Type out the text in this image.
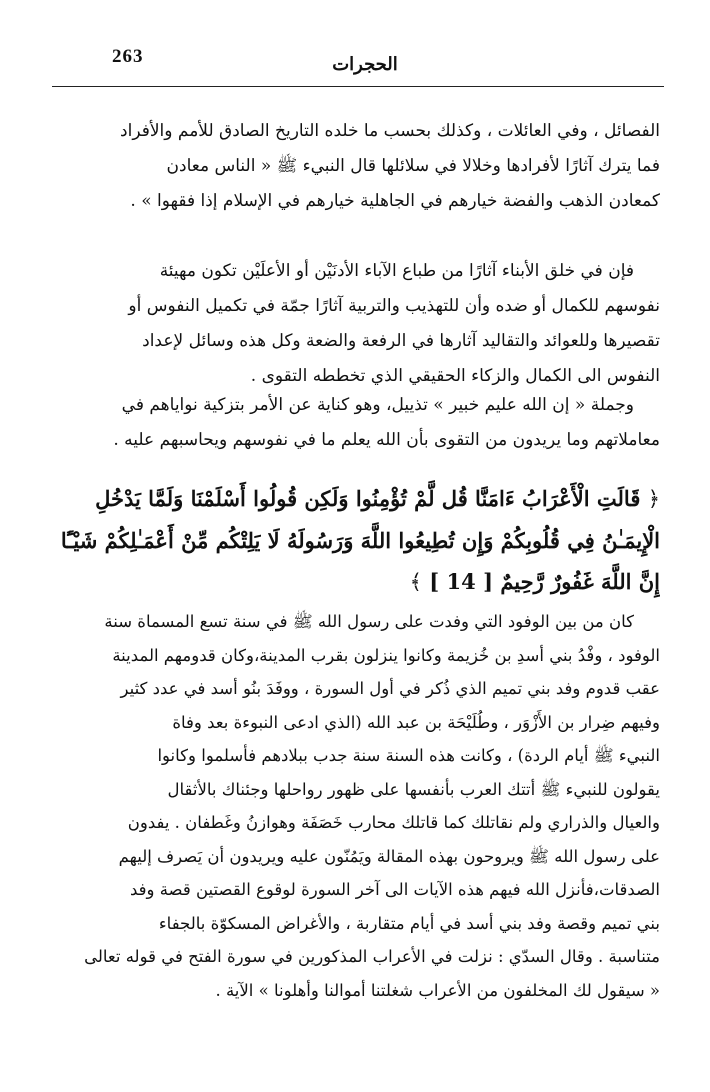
263	الحجرات
الفصائل ، وفي العائلات ، وكذلك بحسب ما خلده التاريخ الصادق للأمم والأفراد
فما يترك آثارًا لأفرادها وخلالا في سلائلها قال النبيء ﷺ « الناس معادن
كمعادن الذهب والفضة خيارهم في الجاهلية خيارهم في الإسلام إذا فقهوا » .
فإن في خلق الأبناء آثارًا من طباع الآباء الأدنَيْن أو الأعلَيْن تكون مهيئة
نفوسهم للكمال أو ضده وأن للتهذيب والتربية آثارًا جمّة في تكميل النفوس أو
تقصيرها وللعوائد والتقاليد آثارها في الرفعة والضعة وكل هذه وسائل لإعداد
النفوس الى الكمال والزكاء الحقيقي الذي تخططه التقوى .
وجملة « إن الله عليم خبير » تذييل، وهو كناية عن الأمر بتزكية نواياهم في
معاملاتهم وما يريدون من التقوى بأن الله يعلم ما في نفوسهم ويحاسبهم عليه .
﴿ قَالَتِ الْأَعْرَابُ ءَامَنَّا قُل لَّمْ تُؤْمِنُوا وَلَكِن قُولُوا أَسْلَمْنَا وَلَمَّا يَدْخُلِ
الْإِيمَـٰنُ فِي قُلُوبِكُمْ وَإِن تُطِيعُوا اللَّهَ وَرَسُولَهُ لَا يَلِتْكُم مِّنْ أَعْمَـٰلِكُمْ شَيْـًٔا
إِنَّ اللَّهَ غَفُورٌ رَّحِيمٌ [ 14 ] ﴾
كان من بين الوفود التي وفدت على رسول الله ﷺ في سنة تسع المسماة سنة
الوفود ، وفْدُ بني أسدِ بن خُزيمة وكانوا ينزلون بقرب المدينة،وكان قدومهم المدينة
عقب قدوم وفد بني تميم الذي ذُكر في أول السورة ، ووفَدَ بنُو أسد في عدد كثير
وفيهم ضِرار بن الأَزْوَر ، وطُلَيْحَة بن عبد الله (الذي ادعى النبوءة بعد وفاة
النبيء ﷺ أيام الردة) ، وكانت هذه السنة سنة جدب ببلادهم فأسلموا وكانوا
يقولون للنبيء ﷺ أتتك العرب بأنفسها على ظهور رواحلها وجئناك بالأثقال
والعيال والذراري ولم نقاتلك كما قاتلك محارب خَصَفَة وهوازنُ وغَطفان . يفدون
على رسول الله ﷺ ويروحون بهذه المقالة ويَمُنّون عليه ويريدون أن يَصرف إليهم
الصدقات،فأنزل الله فيهم هذه الآيات الى آخر السورة لوقوع القصتين قصة وفد
بني تميم وقصة وفد بني أسد في أيام متقاربة ، والأغراض المسكوّة بالجفاء
متناسبة . وقال السدّي : نزلت في الأعراب المذكورين في سورة الفتح في قوله تعالى
« سيقول لك المخلفون من الأعراب شغلتنا أموالنا وأهلونا » الآية .
